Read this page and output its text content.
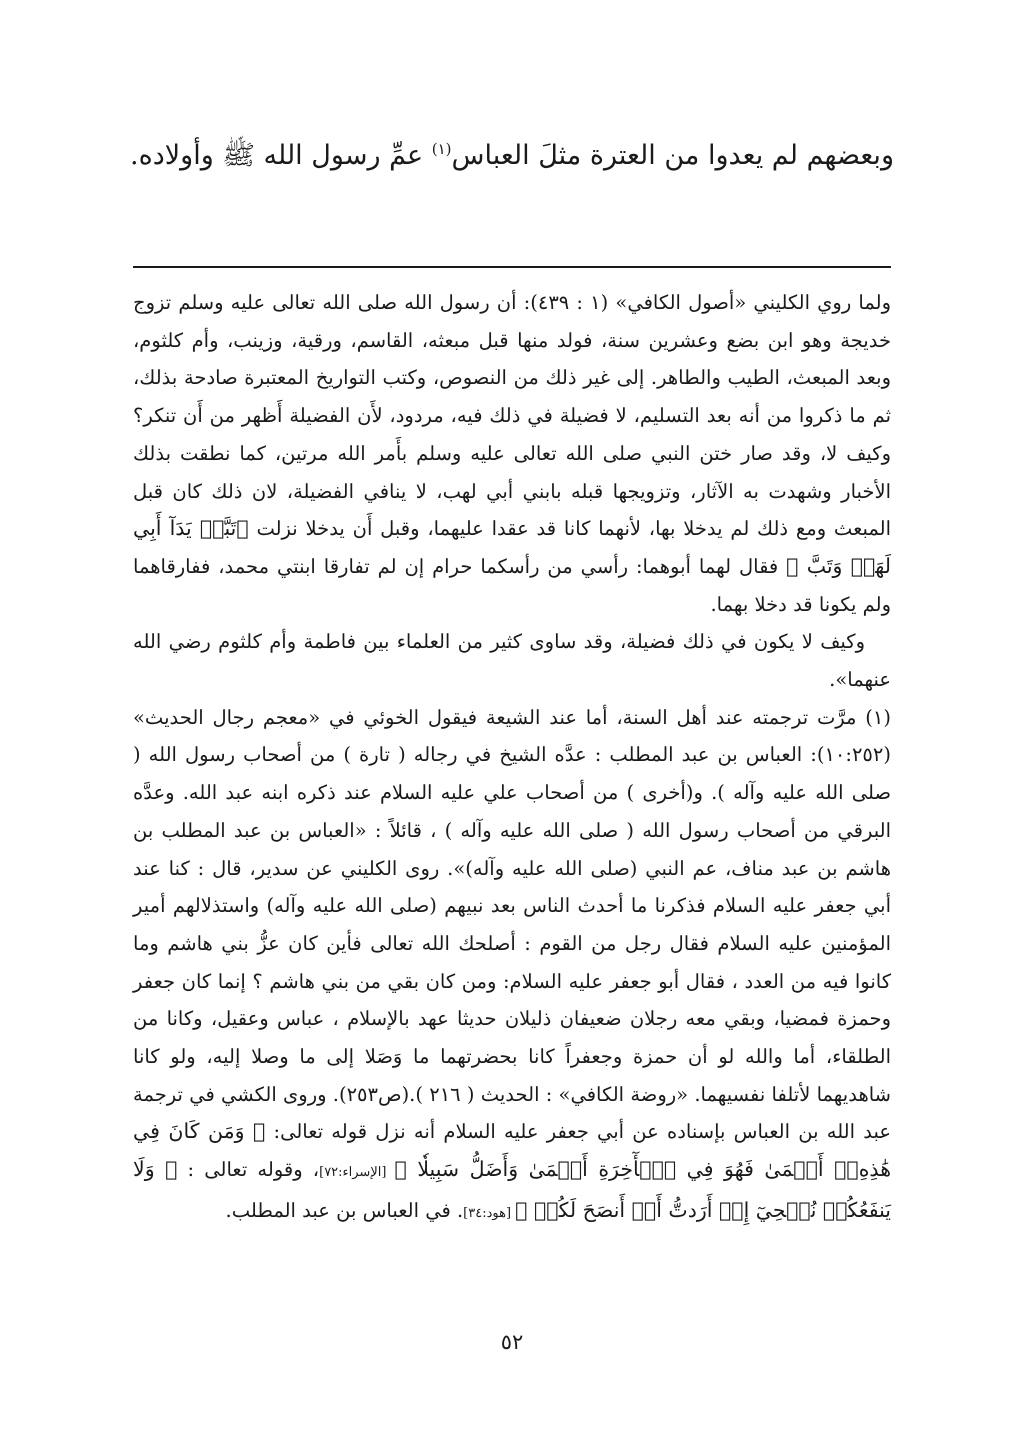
وبعضهم لم يعدوا من العترة مثلَ العباس$^{(١)}$ عمِّ رسول الله ﷺ وأولاده.

ولما روي الكليني «أصول الكافي» (١ : ٤٣٩): أن رسول الله صلى الله تعالى عليه وسلم تزوج خديجة وهو ابن بضع وعشرين سنة، فولد منها قبل مبعثه، القاسم، ورقية، وزينب، وأم كلثوم، وبعد المبعث، الطيب والطاهر. إلى غير ذلك من النصوص، وكتب التواريخ المعتبرة صادحة بذلك، ثم ما ذكروا من أنه بعد التسليم، لا فضيلة في ذلك فيه، مردود، لأَن الفضيلة أَظهر من أَن تنكر؟ وكيف لا، وقد صار ختن النبي صلى الله تعالى عليه وسلم بأَمر الله مرتين، كما نطقت بذلك الأخبار وشهدت به الآثار، وتزويجها قبله بابني أبي لهب، لا ينافي الفضيلة، لان ذلك كان قبل المبعث ومع ذلك لم يدخلا بها، لأنهما كانا قد عقدا عليهما، وقبل أَن يدخلا نزلت ﴿تَبَّتۡ يَدَآ أَبِي لَهَبٖ وَتَبَّ ﴾ فقال لهما أبوهما: رأسي من رأسكما حرام إن لم تفارقا ابنتي محمد، ففارقاهما ولم يكونا قد دخلا بهما.

وكيف لا يكون في ذلك فضيلة، وقد ساوى كثير من العلماء بين فاطمة وأم كلثوم رضي الله عنهما».

(١) مرَّت ترجمته عند أهل السنة، أما عند الشيعة فيقول الخوئي في «معجم رجال الحديث» (١٠:٢٥٢): العباس بن عبد المطلب : عدَّه الشيخ في رجاله ( تارة ) من أصحاب رسول الله ( صلى الله عليه وآله ). و(أخرى ) من أصحاب علي عليه السلام عند ذكره ابنه عبد الله. وعدَّه البرقي من أصحاب رسول الله ( صلى الله عليه وآله ) ، قائلاً : «العباس بن عبد المطلب بن هاشم بن عبد مناف، عم النبي (صلى الله عليه وآله)». روى الكليني عن سدير، قال : كنا عند أبي جعفر عليه السلام فذكرنا ما أحدث الناس بعد نبيهم (صلى الله عليه وآله) واستذلالهم أمير المؤمنين عليه السلام فقال رجل من القوم : أصلحك الله تعالى فأين كان عزُّ بني هاشم وما كانوا فيه من العدد ، فقال أبو جعفر عليه السلام: ومن كان بقي من بني هاشم ؟ إنما كان جعفر وحمزة فمضيا، وبقي معه رجلان ضعيفان ذليلان حديثا عهد بالإسلام ، عباس وعقيل، وكانا من الطلقاء، أما والله لو أن حمزة وجعفراً كانا بحضرتهما ما وَصَلا إلى ما وصلا إليه، ولو كانا شاهديهما لأتلفا نفسيهما. «روضة الكافي» : الحديث ( ٢١٦ ).(ص٢٥٣). وروى الكشي في ترجمة عبد الله بن العباس بإسناده عن أبي جعفر عليه السلام أنه نزل قوله تعالى: ﴿ وَمَن كَانَ فِي هَٰذِهِۦٓ أَعۡمَىٰ فَهُوَ فِي ٱلۡأٓخِرَةِ أَعۡمَىٰ وَأَضَلُّ سَبِيلٗا ﴾ [الإسراء:٧٢]، وقوله تعالى : ﴿ وَلَا يَنفَعُكُمۡ نُصۡحِيٓ إِنۡ أَرَدتُّ أَنۡ أَنصَحَ لَكُمۡ ﴾ [هود:٣٤]. في العباس بن عبد المطلب.

٥٢
